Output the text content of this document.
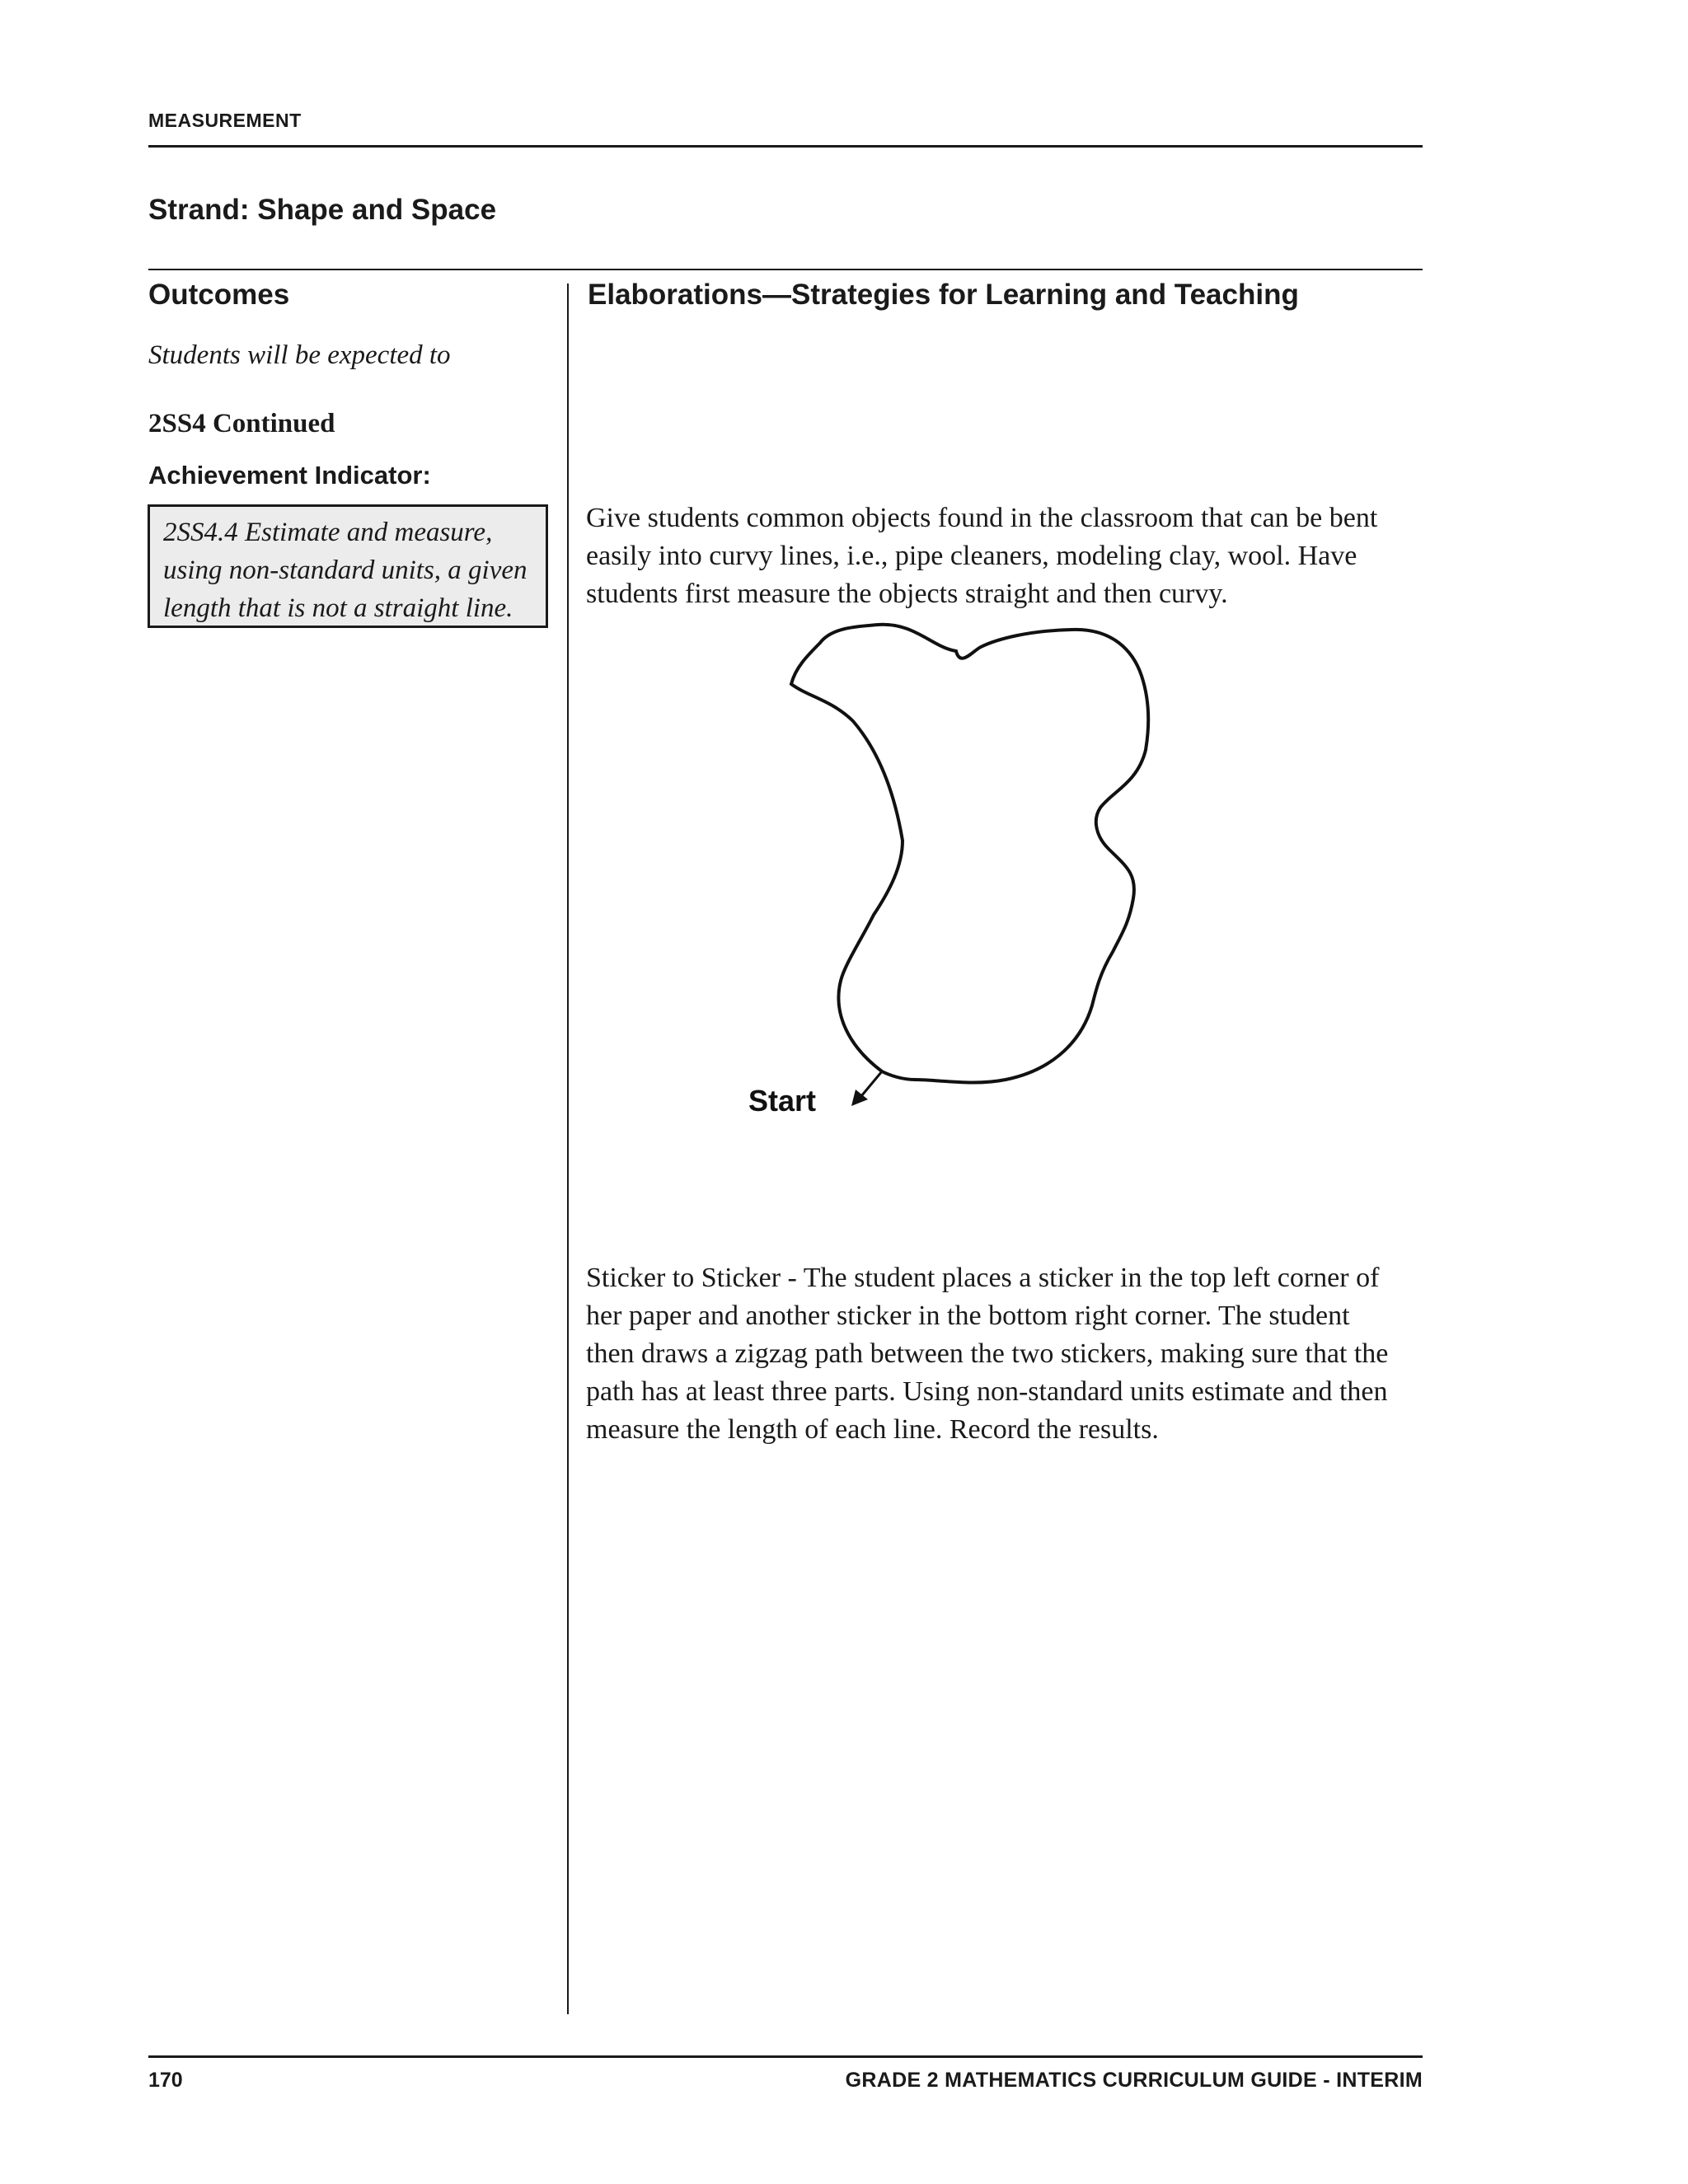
MEASUREMENT
Strand: Shape and Space
Outcomes	Elaborations—Strategies for Learning and Teaching
Students will be expected to
2SS4 Continued
Achievement Indicator:
2SS4.4 Estimate and measure,
using non-standard units, a given
length that is not a straight line.
Give students common objects found in the classroom that can be bent
easily into curvy lines, i.e., pipe cleaners, modeling clay, wool. Have
students first measure the objects straight and then curvy.
Start
Sticker to Sticker - The student places a sticker in the top left corner of
her paper and another sticker in the bottom right corner. The student
then draws a zigzag path between the two stickers, making sure that the
path has at least three parts. Using non-standard units estimate and then
measure the length of each line. Record the results.
170	GRADE 2 MATHEMATICS CURRICULUM GUIDE - INTERIM
